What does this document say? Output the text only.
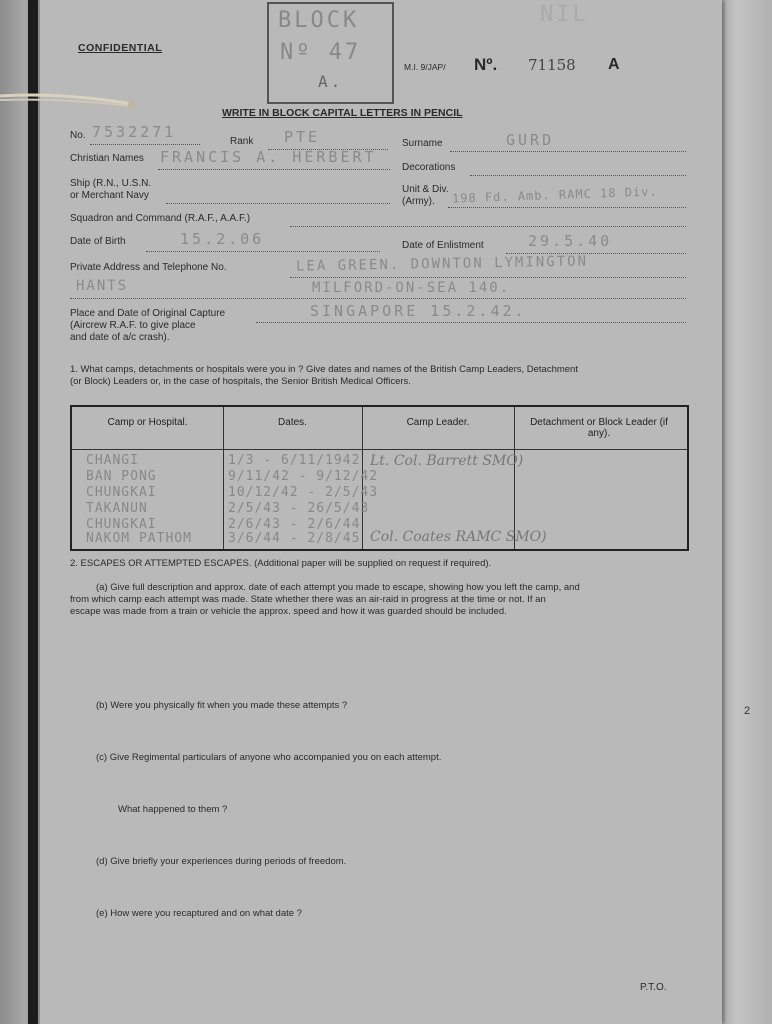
2
CONFIDENTIAL
BLOCK
Nº 47
A.
NIL
M.I. 9/JAP/ Nº. 71158 A
WRITE IN BLOCK CAPITAL LETTERS IN PENCIL
No. 7532271
Rank PTE	Surname	GURD
Christian Names FRANCIS A. HERBERT
Decorations
Ship (R.N., U.S.N.
or Merchant Navy
Unit & Div.
(Army). 198 Fd. Amb. RAMC 18 Div.
Squadron and Command (R.A.F., A.A.F.)
Date of Birth	15.2.06	Date of Enlistment	29.5.40
Private Address and Telephone No.	LEA GREEN. DOWNTON LYMINGTON
HANTS	MILFORD-ON-SEA 140.
Place and Date of Original Capture
(Aircrew R.A.F. to give place
and date of a/c crash).
SINGAPORE 15.2.42.
1. What camps, detachments or hospitals were you in ? Give dates and names of the British Camp Leaders, Detachment
(or Block) Leaders or, in the case of hospitals, the Senior British Medical Officers.
Camp or Hospital.	Dates.	Camp Leader.	Detachment or Block Leader (if any).
CHANGI	1/3 - 6/11/1942 Lt. Col. Barrett SMO)
BAN PONG	9/11/42 - 9/12/42
CHUNGKAI	10/12/42 - 2/5/43
TAKANUN	2/5/43 - 26/5/43
CHUNGKAI	2/6/43 - 2/6/44
NAKOM PATHOM	3/6/44 - 2/8/45 Col. Coates RAMC SMO)
2. ESCAPES OR ATTEMPTED ESCAPES. (Additional paper will be supplied on request if required).
(a) Give full description and approx. date of each attempt you made to escape, showing how you left the camp, and
from which camp each attempt was made. State whether there was an air-raid in progress at the time or not. If an
escape was made from a train or vehicle the approx. speed and how it was guarded should be included.
(b) Were you physically fit when you made these attempts ?
(c) Give Regimental particulars of anyone who accompanied you on each attempt.
What happened to them ?
(d) Give briefly your experiences during periods of freedom.
(e) How were you recaptured and on what date ?
P.T.O.
